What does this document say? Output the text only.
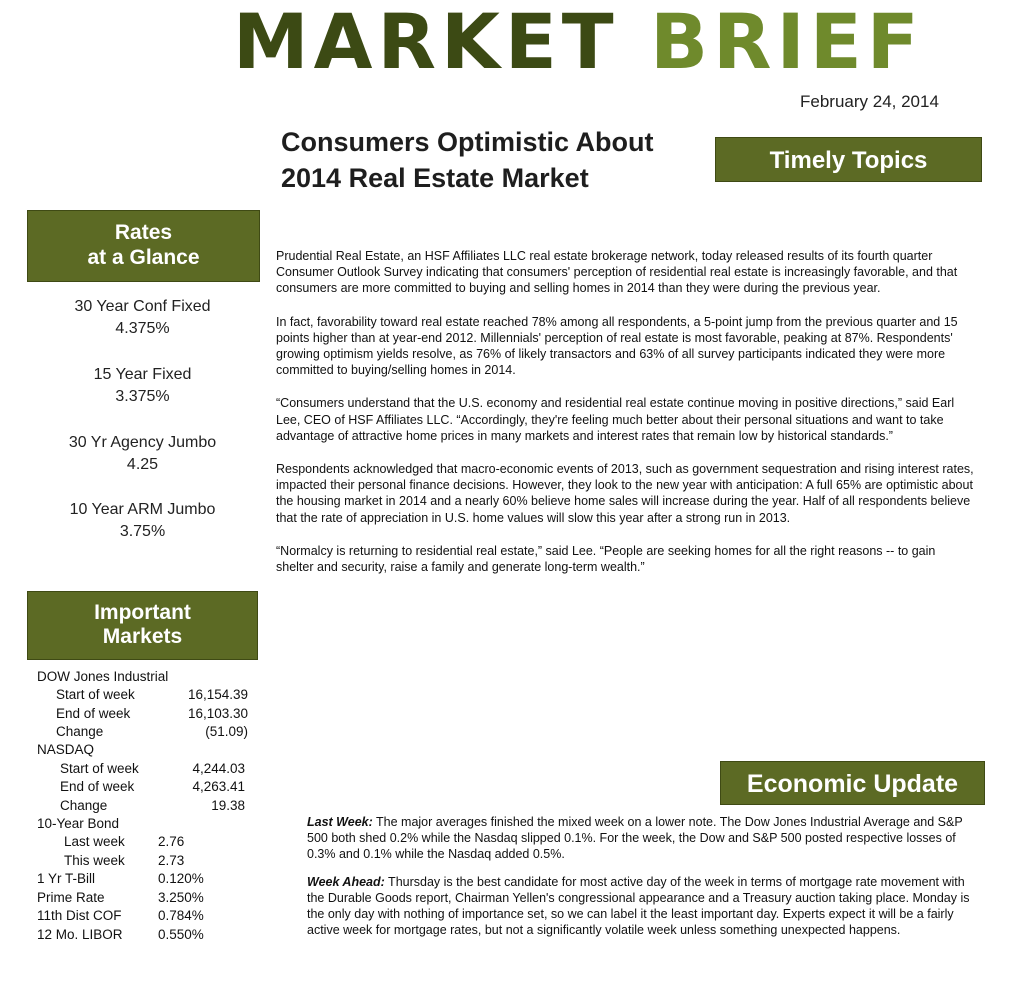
MARKET BRIEF
February 24, 2014
Consumers Optimistic About 2014 Real Estate Market
Timely Topics
Rates
at a Glance
30 Year Conf Fixed
4.375%
15 Year Fixed
3.375%
30 Yr Agency Jumbo
4.25
10 Year ARM Jumbo
3.75%
Important
Markets
DOW Jones Industrial
Start of week	16,154.39
End of week	16,103.30
Change	(51.09)
NASDAQ
Start of week	4,244.03
End of week	4,263.41
Change	19.38
10-Year Bond
Last week 2.76
This week 2.73
1 Yr T-Bill	0.120%
Prime Rate	3.250%
11th Dist COF	0.784%
12 Mo. LIBOR	0.550%

Prudential Real Estate, an HSF Affiliates LLC real estate brokerage network, today released results of its fourth quarter Consumer Outlook Survey indicating that consumers' perception of residential real estate is increasingly favorable, and that consumers are more committed to buying and selling homes in 2014 than they were during the previous year.

In fact, favorability toward real estate reached 78% among all respondents, a 5-point jump from the previous quarter and 15 points higher than at year-end 2012. Millennials' perception of real estate is most favorable, peaking at 87%. Respondents' growing optimism yields resolve, as 76% of likely transactors and 63% of all survey participants indicated they were more committed to buying/selling homes in 2014.

“Consumers understand that the U.S. economy and residential real estate continue moving in positive directions,” said Earl Lee, CEO of HSF Affiliates LLC. “Accordingly, they're feeling much better about their personal situations and want to take advantage of attractive home prices in many markets and interest rates that remain low by historical standards.”

Respondents acknowledged that macro-economic events of 2013, such as government sequestration and rising interest rates, impacted their personal finance decisions. However, they look to the new year with anticipation: A full 65% are optimistic about the housing market in 2014 and a nearly 60% believe home sales will increase during the year. Half of all respondents believe that the rate of appreciation in U.S. home values will slow this year after a strong run in 2013.

“Normalcy is returning to residential real estate,” said Lee. “People are seeking homes for all the right reasons -- to gain shelter and security, raise a family and generate long-term wealth.”

Economic Update

Last Week: The major averages finished the mixed week on a lower note. The Dow Jones Industrial Average and S&P 500 both shed 0.2% while the Nasdaq slipped 0.1%. For the week, the Dow and S&P 500 posted respective losses of 0.3% and 0.1% while the Nasdaq added 0.5%.

Week Ahead: Thursday is the best candidate for most active day of the week in terms of mortgage rate movement with the Durable Goods report, Chairman Yellen's congressional appearance and a Treasury auction taking place. Monday is the only day with nothing of importance set, so we can label it the least important day. Experts expect it will be a fairly active week for mortgage rates, but not a significantly volatile week unless something unexpected happens.
